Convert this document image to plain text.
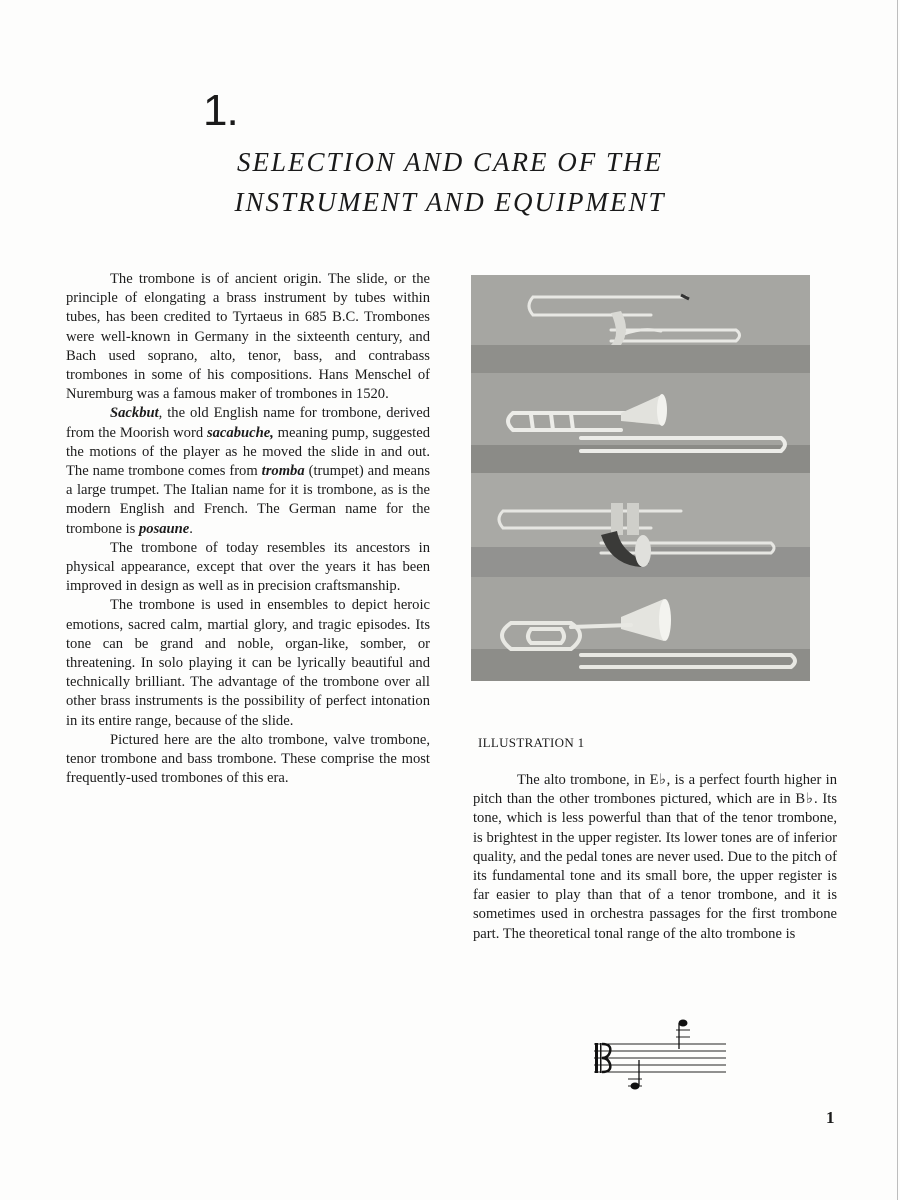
1.
SELECTION AND CARE OF THE
INSTRUMENT AND EQUIPMENT

The trombone is of ancient origin. The slide, or the principle of elongating a brass instrument by tubes within tubes, has been credited to Tyrtaeus in 685 B.C. Trombones were well-known in Germany in the sixteenth century, and Bach used soprano, alto, tenor, bass, and contrabass trombones in some of his compositions. Hans Menschel of Nuremburg was a famous maker of trombones in 1520.

Sackbut, the old English name for trombone, derived from the Moorish word sacabuche, meaning pump, suggested the motions of the player as he moved the slide in and out. The name trombone comes from tromba (trumpet) and means a large trumpet. The Italian name for it is trombone, as is the modern English and French. The German name for the trombone is posaune.

The trombone of today resembles its ancestors in physical appearance, except that over the years it has been improved in design as well as in precision craftsmanship.

The trombone is used in ensembles to depict heroic emotions, sacred calm, martial glory, and tragic episodes. Its tone can be grand and noble, organ-like, somber, or threatening. In solo playing it can be lyrically beautiful and technically brilliant. The advantage of the trombone over all other brass instruments is the possibility of perfect intonation in its entire range, because of the slide.

Pictured here are the alto trombone, valve trombone, tenor trombone and bass trombone. These comprise the most frequently-used trombones of this era.

ILLUSTRATION 1

The alto trombone, in E♭, is a perfect fourth higher in pitch than the other trombones pictured, which are in B♭. Its tone, which is less powerful than that of the tenor trombone, is brightest in the upper register. Its lower tones are of inferior quality, and the pedal tones are never used. Due to the pitch of its fundamental tone and its small bore, the upper register is far easier to play than that of a tenor trombone, and it is sometimes used in orchestra passages for the first trombone part. The theoretical tonal range of the alto trombone is

1
